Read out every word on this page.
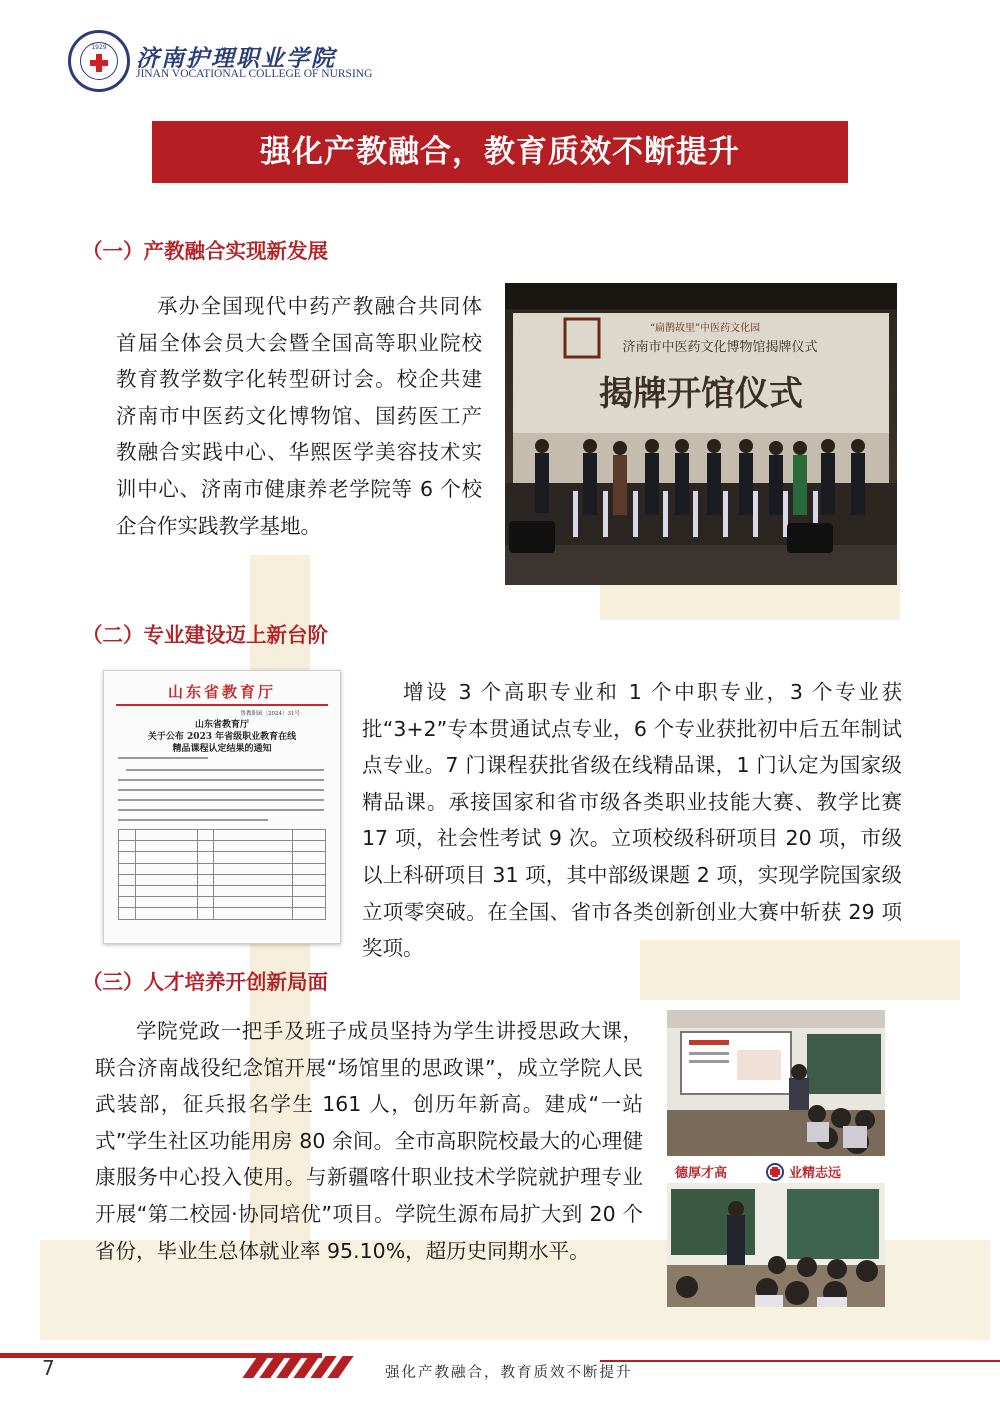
1929	济南护理职业学院
JINAN VOCATIONAL COLLEGE OF NURSING
强化产教融合，教育质效不断提升
（一）产教融合实现新发展
承办全国现代中药产教融合共同体首届全体会员大会暨全国高等职业院校教育教学数字化转型研讨会。校企共建济南市中医药文化博物馆、国药医工产教融合实践中心、华熙医学美容技术实训中心、济南市健康养老学院等 6 个校企合作实践教学基地。
“扁鹊故里”中医药文化园
济南市中医药文化博物馆揭牌仪式
揭牌开馆仪式
（二）专业建设迈上新台阶
山东省教育厅
鲁教职函〔2024〕31号
山东省教育厅
关于公布 2023 年省级职业教育在线
精品课程认定结果的通知

增设 3 个高职专业和 1 个中职专业，3 个专业获批“3+2”专本贯通试点专业，6 个专业获批初中后五年制试点专业。7 门课程获批省级在线精品课，1 门认定为国家级精品课。承接国家和省市级各类职业技能大赛、教学比赛 17 项，社会性考试 9 次。立项校级科研项目 20 项，市级以上科研项目 31 项，其中部级课题 2 项，实现学院国家级立项零突破。在全国、省市各类创新创业大赛中斩获 29 项奖项。
（三）人才培养开创新局面
学院党政一把手及班子成员坚持为学生讲授思政大课，联合济南战役纪念馆开展“场馆里的思政课”，成立学院人民武装部，征兵报名学生 161 人，创历年新高。建成“一站式”学生社区功能用房 80 余间。全市高职院校最大的心理健康服务中心投入使用。与新疆喀什职业技术学院就护理专业开展“第二校园·协同培优”项目。学院生源布局扩大到 20 个省份，毕业生总体就业率 95.10%，超历史同期水平。
德厚才高	业精志远
7	强化产教融合，教育质效不断提升
